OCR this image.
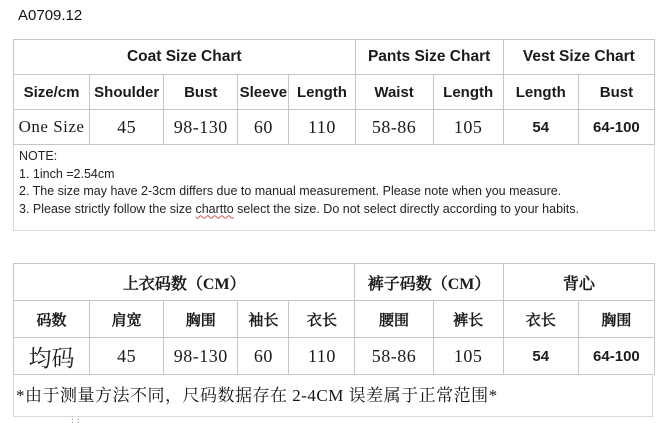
A0709.12
Coat Size Chart					Pants Size Chart		Vest Size Chart	
Size/cm	Shoulder	Bust	Sleeve	Length	Waist	Length	Length	Bust
One Size	45	98-130	60	110	58-86	105	54	64-100
NOTE:
1. 1inch =2.54cm
2. The size may have 2-3cm differs due to manual measurement. Please note when you measure.
3. Please strictly follow the size chartto select the size. Do not select directly according to your habits.
上衣码数（CM）					裤子码数（CM）		背心	
码数	肩宽	胸围	袖长	衣长	腰围	裤长	衣长	胸围
均码	45	98-130	60	110	58-86	105	54	64-100
*由于测量方法不同，尺码数据存在 2-4CM 误差属于正常范围*
::
